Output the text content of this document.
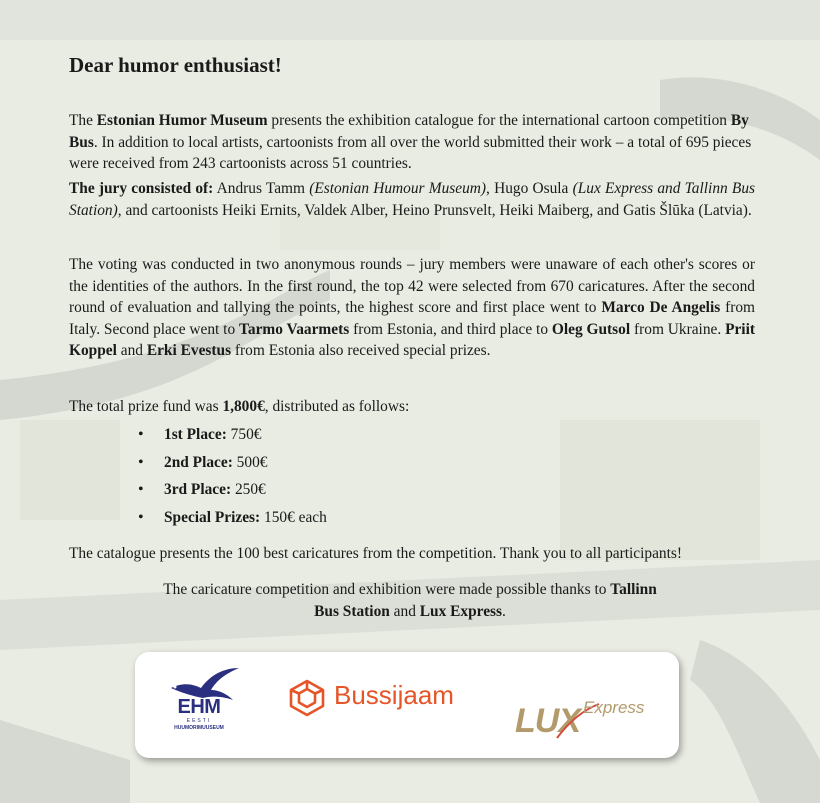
Dear humor enthusiast!

The Estonian Humor Museum presents the exhibition catalogue for the international cartoon competition By Bus. In addition to local artists, cartoonists from all over the world submitted their work – a total of 695 pieces were received from 243 cartoonists across 51 countries.

The jury consisted of: Andrus Tamm (Estonian Humour Museum), Hugo Osula (Lux Express and Tallinn Bus Station), and cartoonists Heiki Ernits, Valdek Alber, Heino Prunsvelt, Heiki Maiberg, and Gatis Šlūka (Latvia).

The voting was conducted in two anonymous rounds – jury members were unaware of each other's scores or the identities of the authors. In the first round, the top 42 were selected from 670 caricatures. After the second round of evaluation and tallying the points, the highest score and first place went to Marco De Angelis from Italy. Second place went to Tarmo Vaarmets from Estonia, and third place to Oleg Gutsol from Ukraine. Priit Koppel and Erki Evestus from Estonia also received special prizes.

The total prize fund was 1,800€, distributed as follows:

• 1st Place: 750€
• 2nd Place: 500€
• 3rd Place: 250€
• Special Prizes: 150€ each

The catalogue presents the 100 best caricatures from the competition. Thank you to all participants!

The caricature competition and exhibition were made possible thanks to Tallinn Bus Station and Lux Express.

EHM
EESTI
HUUMORIMUUSEUM
Bussijaam
LUX Express
